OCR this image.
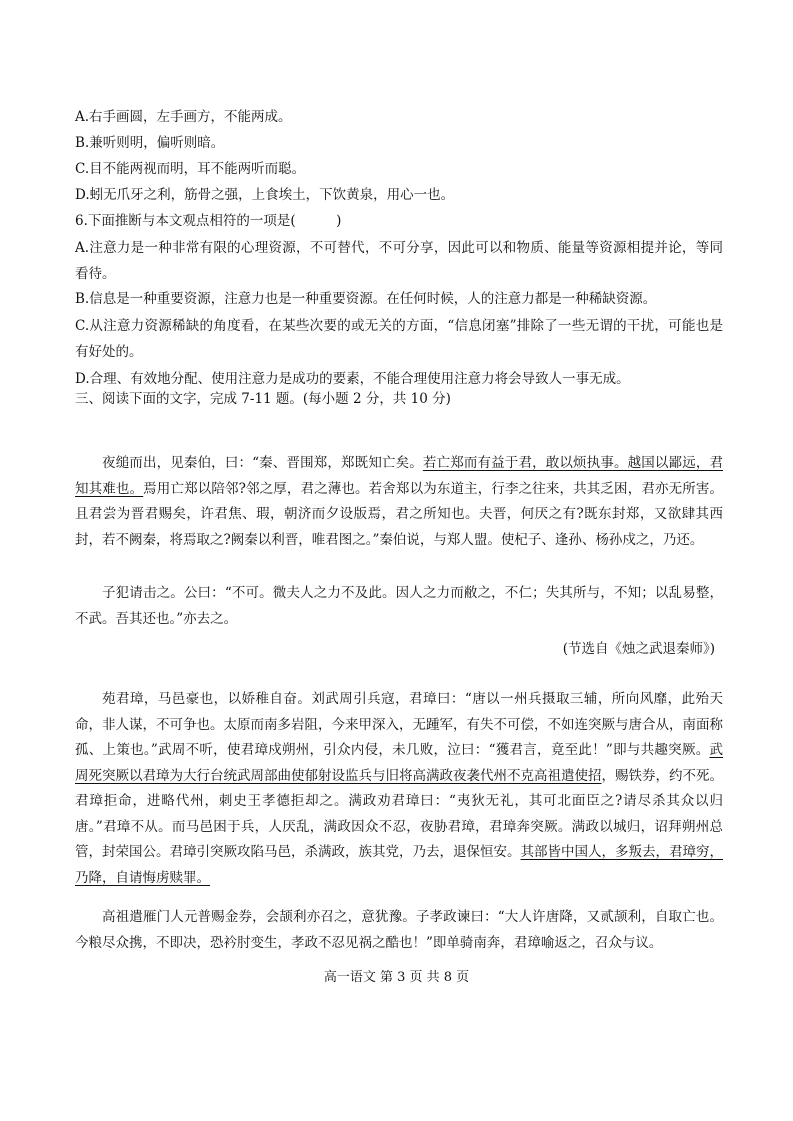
A.右手画圆，左手画方，不能两成。
B.兼听则明，偏听则暗。
C.目不能两视而明，耳不能两听而聪。
D.蚓无爪牙之利，筋骨之强，上食埃土，下饮黄泉，用心一也。
6.下面推断与本文观点相符的一项是(　　　)
A.注意力是一种非常有限的心理资源，不可替代，不可分享，因此可以和物质、能量等资源相提并论，等同看待。
B.信息是一种重要资源，注意力也是一种重要资源。在任何时候，人的注意力都是一种稀缺资源。
C.从注意力资源稀缺的角度看，在某些次要的或无关的方面，“信息闭塞”排除了一些无谓的干扰，可能也是有好处的。
D.合理、有效地分配、使用注意力是成功的要素，不能合理使用注意力将会导致人一事无成。
三、阅读下面的文字，完成 7-11 题。(每小题 2 分，共 10 分)
夜缒而出，见秦伯，曰：“秦、晋围郑，郑既知亡矣。若亡郑而有益于君，敢以烦执事。越国以鄙远，君知其难也。焉用亡郑以陪邻?邻之厚，君之薄也。若舍郑以为东道主，行李之往来，共其乏困，君亦无所害。且君尝为晋君赐矣，许君焦、瑕，朝济而夕设版焉，君之所知也。夫晋，何厌之有?既东封郑，又欲肆其西封，若不阙秦，将焉取之?阙秦以利晋，唯君图之。”秦伯说，与郑人盟。使杞子、逢孙、杨孙戍之，乃还。
子犯请击之。公曰：“不可。微夫人之力不及此。因人之力而敝之，不仁；失其所与，不知；以乱易整，不武。吾其还也。”亦去之。
(节选自《烛之武退秦师》)
苑君璋，马邑豪也，以娇稚自奋。刘武周引兵寇，君璋曰：“唐以一州兵摄取三辅，所向风靡，此殆天命，非人谋，不可争也。太原而南多岩阻，今来甲深入，无踵军，有失不可偿，不如连突厥与唐合从，南面称孤、上策也。”武周不听，使君璋戍朔州，引众内侵，未几败，泣曰：“獲君言，竟至此！”即与共趣突厥。武周死突厥以君璋为大行台统武周部曲使郁射设监兵与旧将高满政夜袭代州不克高祖遣使招，赐铁券，约不死。君璋拒命，进略代州，刺史王孝德拒却之。满政劝君璋曰：“夷狄无礼，其可北面臣之?请尽杀其众以归唐。”君璋不从。而马邑困于兵，人厌乱，满政因众不忍，夜胁君璋，君璋奔突厥。满政以城归，诏拜朔州总管，封荣国公。君璋引突厥攻陷马邑，杀满政，族其党，乃去，退保恒安。其部皆中国人，多叛去，君璋穷，乃降，自请悔虏赎罪。
高祖遣雁门人元普赐金券，会颉利亦召之，意犹豫。子孝政谏曰：“大人许唐降，又贰颉利，自取亡也。今粮尽众携，不即决，恐衿肘变生，孝政不忍见祸之酷也！”即单骑南奔，君璋喻返之，召众与议。
高一语文 第 3 页 共 8 页
